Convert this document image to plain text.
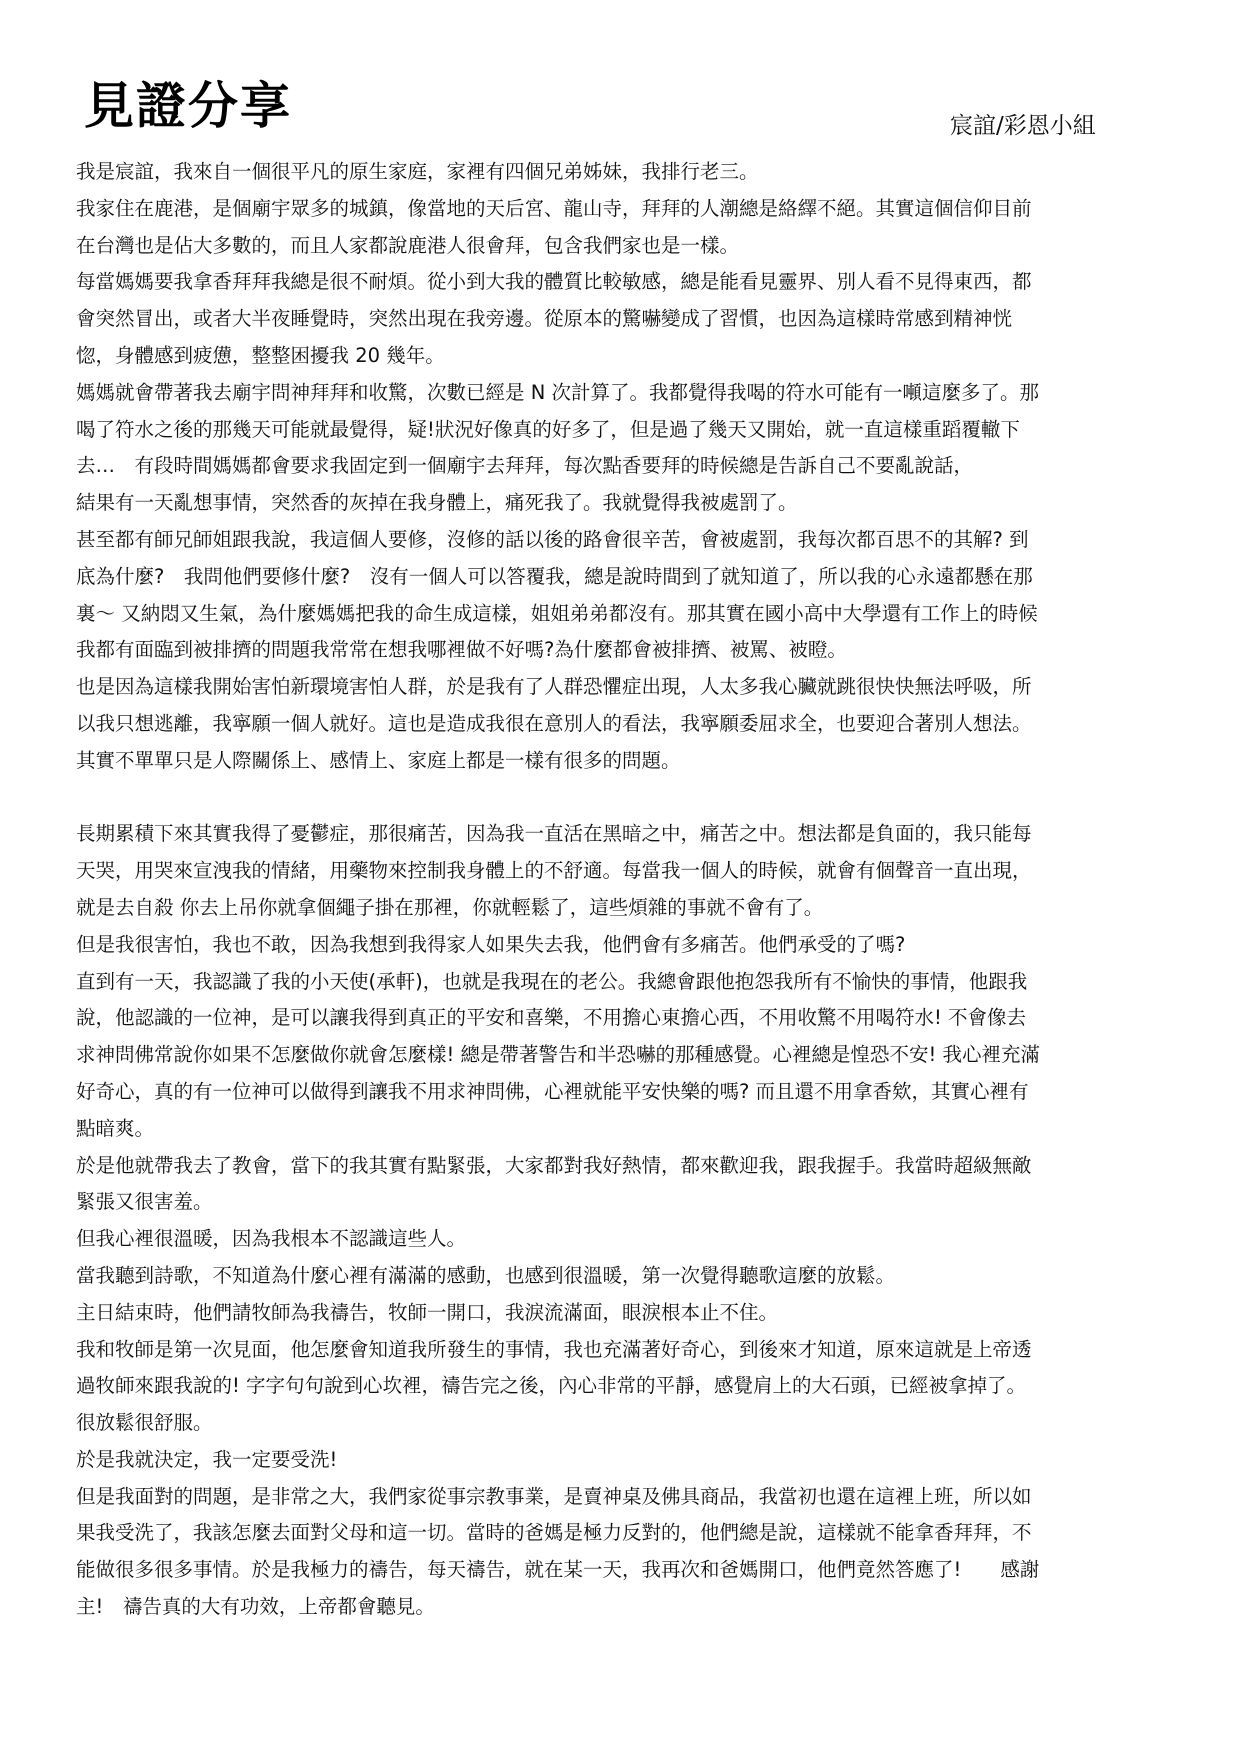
見證分享	宸誼/彩恩小組

我是宸誼，我來自一個很平凡的原生家庭，家裡有四個兄弟姊妹，我排行老三。

我家住在鹿港，是個廟宇眾多的城鎮，像當地的天后宮、龍山寺，拜拜的人潮總是絡繹不絕。其實這個信仰目前

在台灣也是佔大多數的，而且人家都說鹿港人很會拜，包含我們家也是一樣。

每當媽媽要我拿香拜拜我總是很不耐煩。從小到大我的體質比較敏感，總是能看見靈界、別人看不見得東西，都

會突然冒出，或者大半夜睡覺時，突然出現在我旁邊。從原本的驚嚇變成了習慣，也因為這樣時常感到精神恍

惚，身體感到疲憊，整整困擾我 20 幾年。

媽媽就會帶著我去廟宇問神拜拜和收驚，次數已經是 N 次計算了。我都覺得我喝的符水可能有一噸這麼多了。那

喝了符水之後的那幾天可能就最覺得，疑!狀況好像真的好多了，但是過了幾天又開始，就一直這樣重蹈覆轍下

去…　有段時間媽媽都會要求我固定到一個廟宇去拜拜，每次點香要拜的時候總是告訴自己不要亂說話，

結果有一天亂想事情，突然香的灰掉在我身體上，痛死我了。我就覺得我被處罰了。

甚至都有師兄師姐跟我說，我這個人要修，沒修的話以後的路會很辛苦，會被處罰，我每次都百思不的其解? 到

底為什麼?　我問他們要修什麼?　沒有一個人可以答覆我，總是說時間到了就知道了，所以我的心永遠都懸在那

裏～ 又納悶又生氣，為什麼媽媽把我的命生成這樣，姐姐弟弟都沒有。那其實在國小高中大學還有工作上的時候

我都有面臨到被排擠的問題我常常在想我哪裡做不好嗎?為什麼都會被排擠、被罵、被瞪。

也是因為這樣我開始害怕新環境害怕人群，於是我有了人群恐懼症出現，人太多我心臟就跳很快快無法呼吸，所

以我只想逃離，我寧願一個人就好。這也是造成我很在意別人的看法，我寧願委屈求全，也要迎合著別人想法。

其實不單單只是人際關係上、感情上、家庭上都是一樣有很多的問題。

長期累積下來其實我得了憂鬱症，那很痛苦，因為我一直活在黑暗之中，痛苦之中。想法都是負面的，我只能每

天哭，用哭來宣洩我的情緒，用藥物來控制我身體上的不舒適。每當我一個人的時候，就會有個聲音一直出現，

就是去自殺 你去上吊你就拿個繩子掛在那裡，你就輕鬆了，這些煩雜的事就不會有了。

但是我很害怕，我也不敢，因為我想到我得家人如果失去我，他們會有多痛苦。他們承受的了嗎?

直到有一天，我認識了我的小天使(承軒)，也就是我現在的老公。我總會跟他抱怨我所有不愉快的事情，他跟我

說，他認識的一位神，是可以讓我得到真正的平安和喜樂，不用擔心東擔心西，不用收驚不用喝符水! 不會像去

求神問佛常說你如果不怎麼做你就會怎麼樣! 總是帶著警告和半恐嚇的那種感覺。心裡總是惶恐不安! 我心裡充滿

好奇心，真的有一位神可以做得到讓我不用求神問佛，心裡就能平安快樂的嗎? 而且還不用拿香欸，其實心裡有

點暗爽。

於是他就帶我去了教會，當下的我其實有點緊張，大家都對我好熱情，都來歡迎我，跟我握手。我當時超級無敵

緊張又很害羞。

但我心裡很溫暖，因為我根本不認識這些人。

當我聽到詩歌，不知道為什麼心裡有滿滿的感動，也感到很溫暖，第一次覺得聽歌這麼的放鬆。

主日結束時，他們請牧師為我禱告，牧師一開口，我淚流滿面，眼淚根本止不住。

我和牧師是第一次見面，他怎麼會知道我所發生的事情，我也充滿著好奇心，到後來才知道，原來這就是上帝透

過牧師來跟我說的! 字字句句說到心坎裡，禱告完之後，內心非常的平靜，感覺肩上的大石頭，已經被拿掉了。

很放鬆很舒服。

於是我就決定，我一定要受洗!

但是我面對的問題，是非常之大，我們家從事宗教事業，是賣神桌及佛具商品，我當初也還在這裡上班，所以如

果我受洗了，我該怎麼去面對父母和這一切。當時的爸媽是極力反對的，他們總是說，這樣就不能拿香拜拜，不

能做很多很多事情。於是我極力的禱告，每天禱告，就在某一天，我再次和爸媽開口，他們竟然答應了!　　感謝

主!　禱告真的大有功效，上帝都會聽見。
